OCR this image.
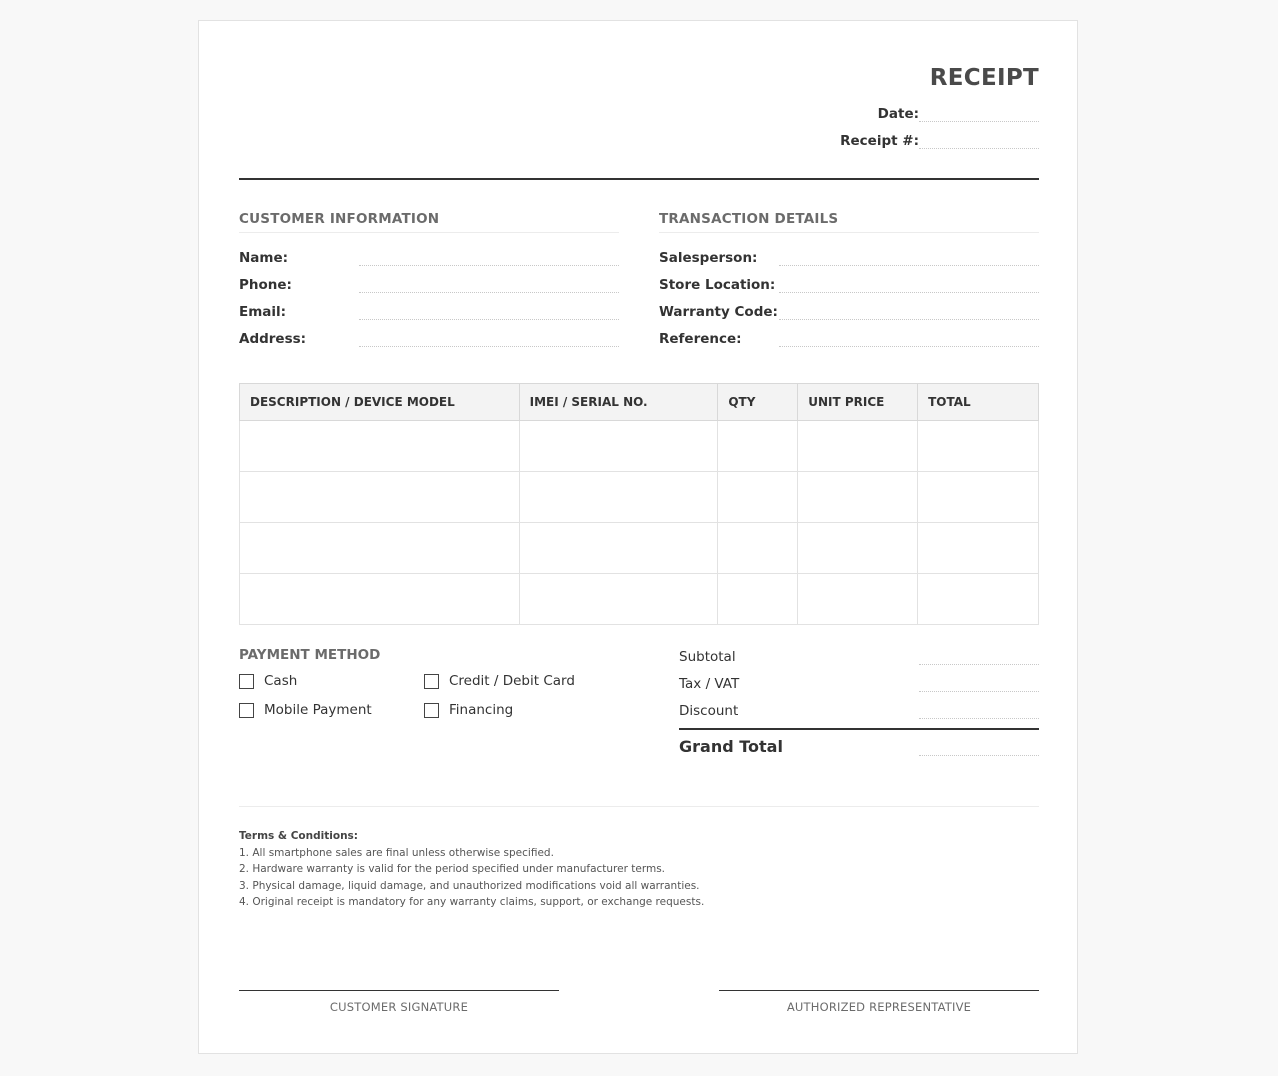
RECEIPT
Date:
Receipt #:
CUSTOMER INFORMATION
Name:
Phone:
Email:
Address:
TRANSACTION DETAILS
Salesperson:
Store Location:
Warranty Code:
Reference:
DESCRIPTION / DEVICE MODEL	IMEI / SERIAL NO.	QTY	UNIT PRICE	TOTAL

PAYMENT METHOD
Cash	Credit / Debit Card
Mobile Payment	Financing
Subtotal
Tax / VAT
Discount
Grand Total
Terms & Conditions:
1. All smartphone sales are final unless otherwise specified.
2. Hardware warranty is valid for the period specified under manufacturer terms.
3. Physical damage, liquid damage, and unauthorized modifications void all warranties.
4. Original receipt is mandatory for any warranty claims, support, or exchange requests.
CUSTOMER SIGNATURE	AUTHORIZED REPRESENTATIVE
